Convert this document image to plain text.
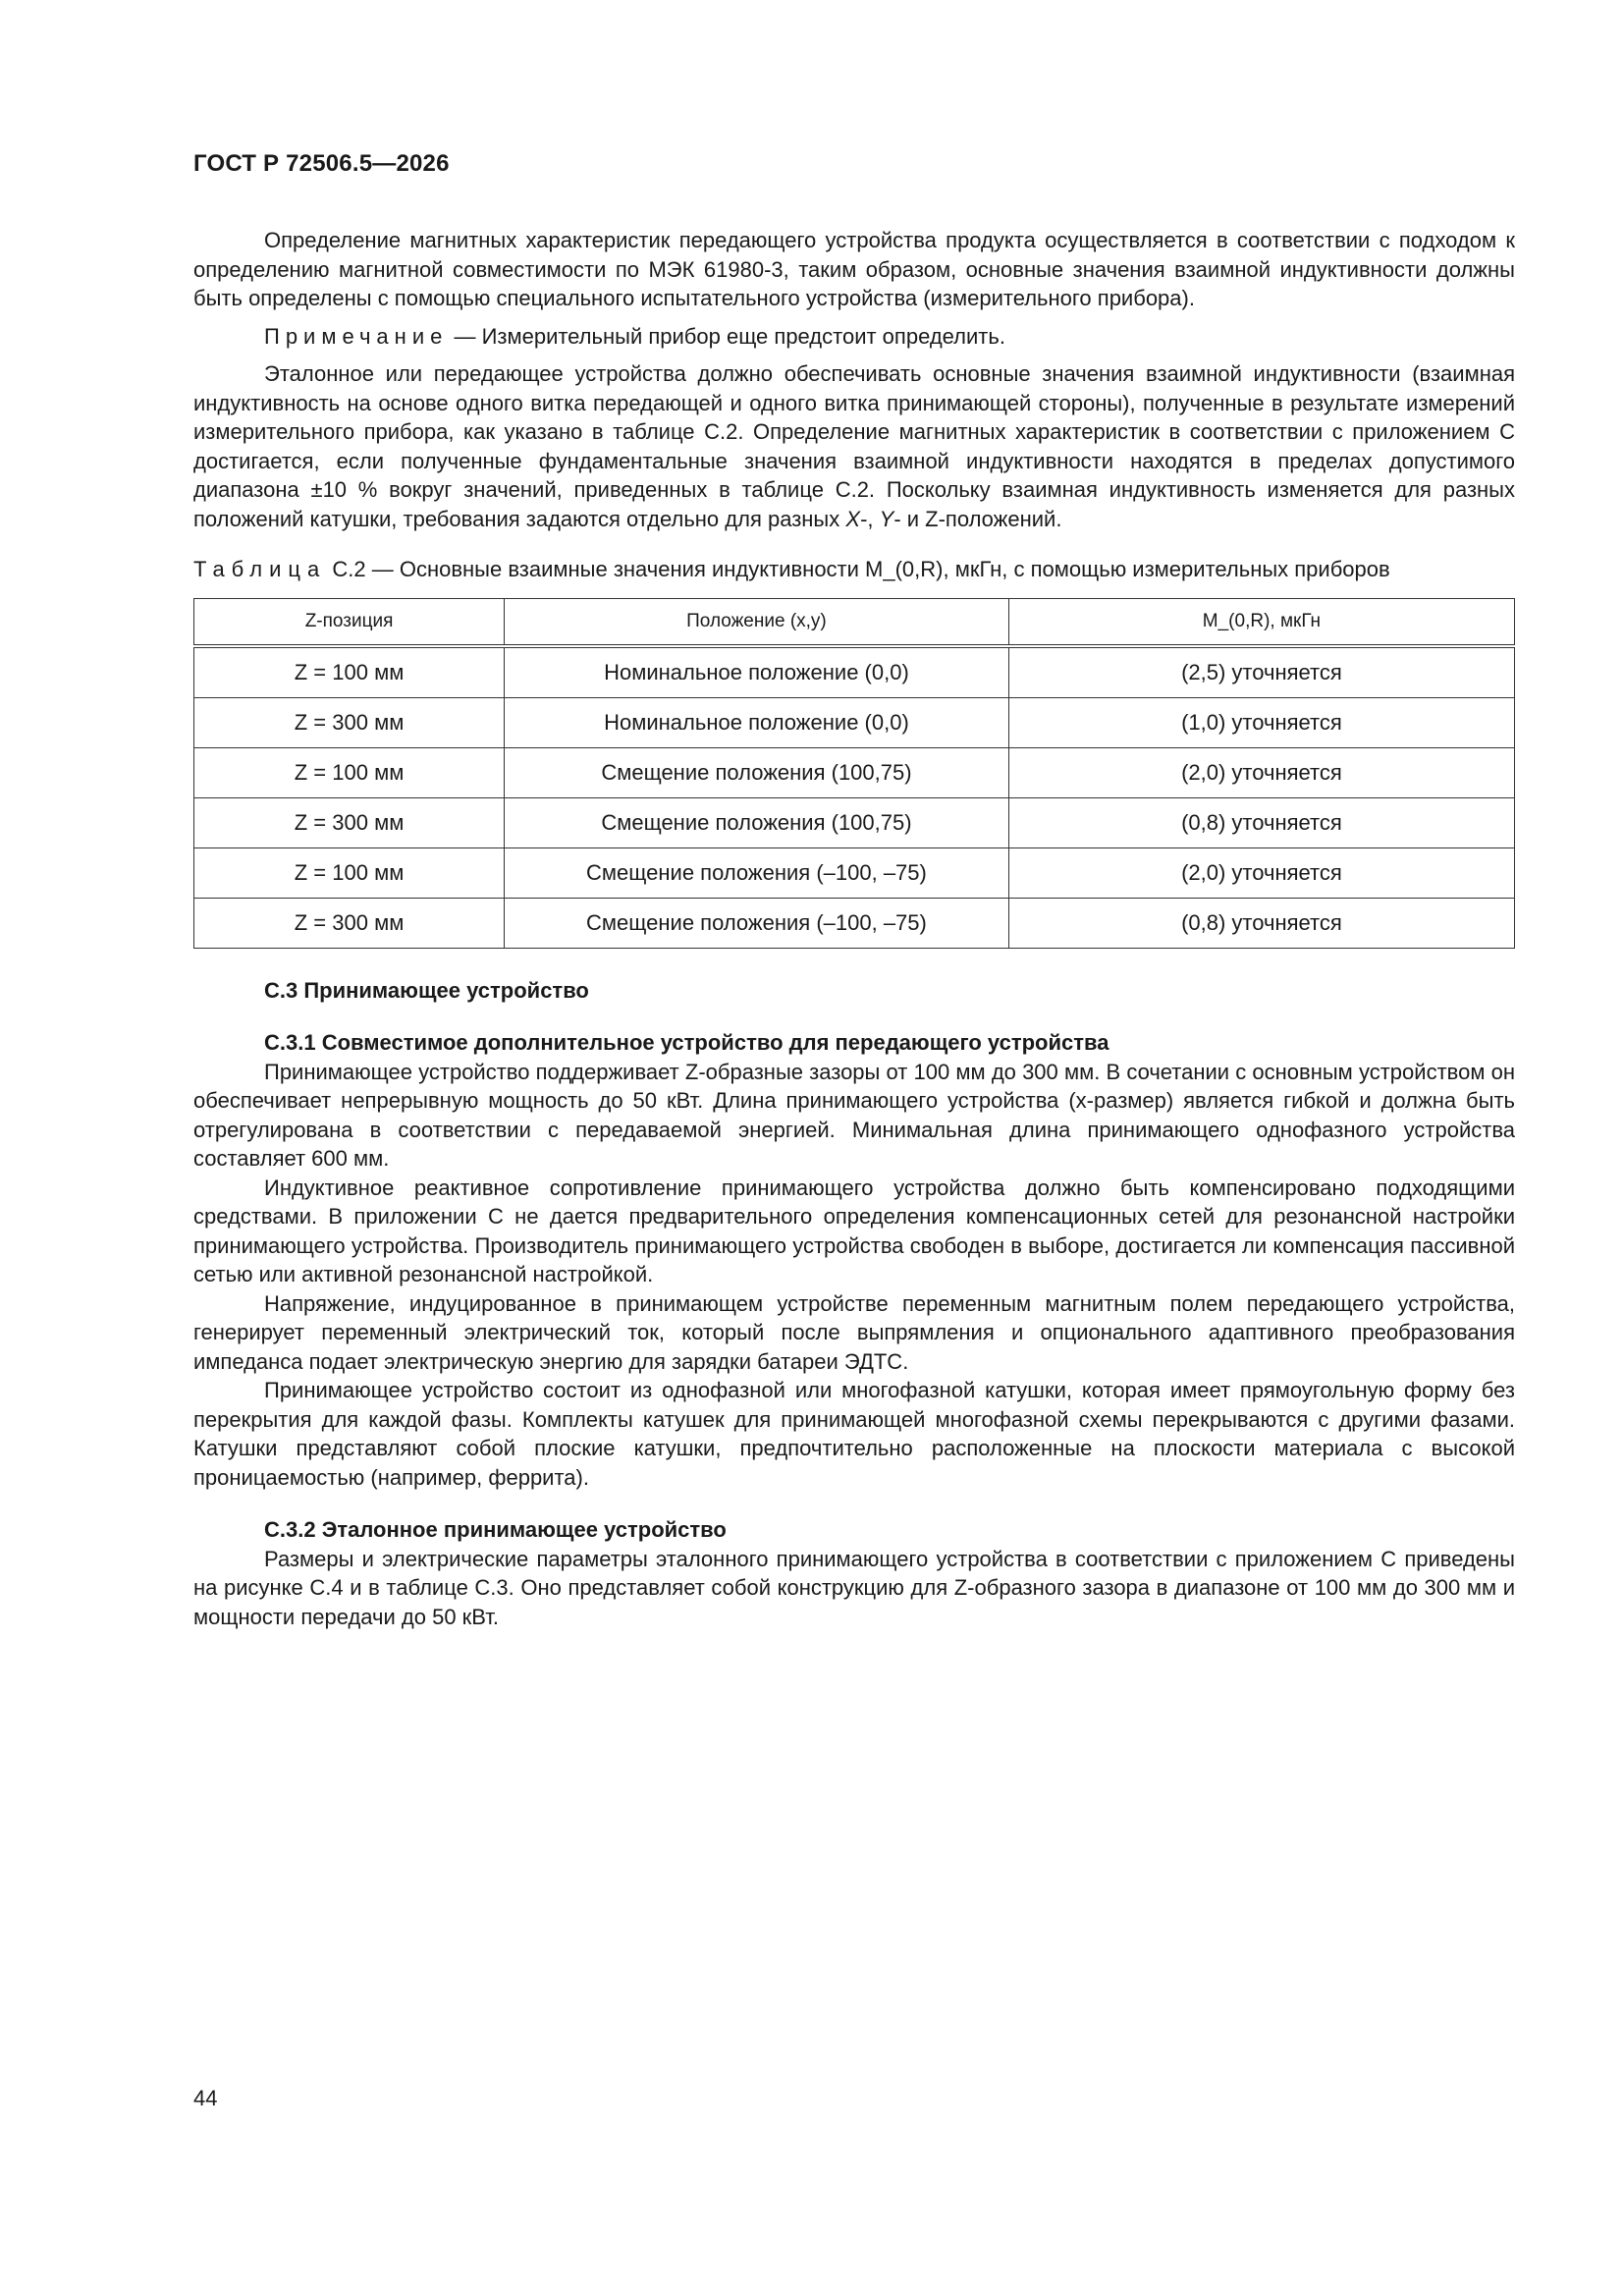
ГОСТ Р 72506.5—2026

Определение магнитных характеристик передающего устройства продукта осуществляется в соответствии с подходом к определению магнитной совместимости по МЭК 61980-3, таким образом, основные значения взаимной индуктивности должны быть определены с помощью специального испытательного устройства (измерительного прибора).

Примечание — Измерительный прибор еще предстоит определить.

Эталонное или передающее устройства должно обеспечивать основные значения взаимной индуктивности (взаимная индуктивность на основе одного витка передающей и одного витка принимающей стороны), полученные в результате измерений измерительного прибора, как указано в таблице C.2. Определение магнитных характеристик в соответствии с приложением C достигается, если полученные фундаментальные значения взаимной индуктивности находятся в пределах допустимого диапазона ±10 % вокруг значений, приведенных в таблице C.2. Поскольку взаимная индуктивность изменяется для разных положений катушки, требования задаются отдельно для разных X-, Y- и Z-положений.

Таблица C.2 — Основные взаимные значения индуктивности M_(0,R), мкГн, с помощью измерительных приборов

Z-позиция	Положение (x,y)	M_(0,R), мкГн
Z = 100 мм	Номинальное положение (0,0)	(2,5) уточняется
Z = 300 мм	Номинальное положение (0,0)	(1,0) уточняется
Z = 100 мм	Смещение положения (100,75)	(2,0) уточняется
Z = 300 мм	Смещение положения (100,75)	(0,8) уточняется
Z = 100 мм	Смещение положения (–100, –75)	(2,0) уточняется
Z = 300 мм	Смещение положения (–100, –75)	(0,8) уточняется
C.3 Принимающее устройство
C.3.1 Совместимое дополнительное устройство для передающего устройства

Принимающее устройство поддерживает Z-образные зазоры от 100 мм до 300 мм. В сочетании с основным устройством он обеспечивает непрерывную мощность до 50 кВт. Длина принимающего устройства (x-размер) является гибкой и должна быть отрегулирована в соответствии с передаваемой энергией. Минимальная длина принимающего однофазного устройства составляет 600 мм.

Индуктивное реактивное сопротивление принимающего устройства должно быть компенсировано подходящими средствами. В приложении C не дается предварительного определения компенсационных сетей для резонансной настройки принимающего устройства. Производитель принимающего устройства свободен в выборе, достигается ли компенсация пассивной сетью или активной резонансной настройкой.

Напряжение, индуцированное в принимающем устройстве переменным магнитным полем передающего устройства, генерирует переменный электрический ток, который после выпрямления и опционального адаптивного преобразования импеданса подает электрическую энергию для зарядки батареи ЭДТС.

Принимающее устройство состоит из однофазной или многофазной катушки, которая имеет прямоугольную форму без перекрытия для каждой фазы. Комплекты катушек для принимающей многофазной схемы перекрываются с другими фазами. Катушки представляют собой плоские катушки, предпочтительно расположенные на плоскости материала с высокой проницаемостью (например, феррита).

C.3.2 Эталонное принимающее устройство

Размеры и электрические параметры эталонного принимающего устройства в соответствии с приложением C приведены на рисунке C.4 и в таблице C.3. Оно представляет собой конструкцию для Z-образного зазора в диапазоне от 100 мм до 300 мм и мощности передачи до 50 кВт.

44
